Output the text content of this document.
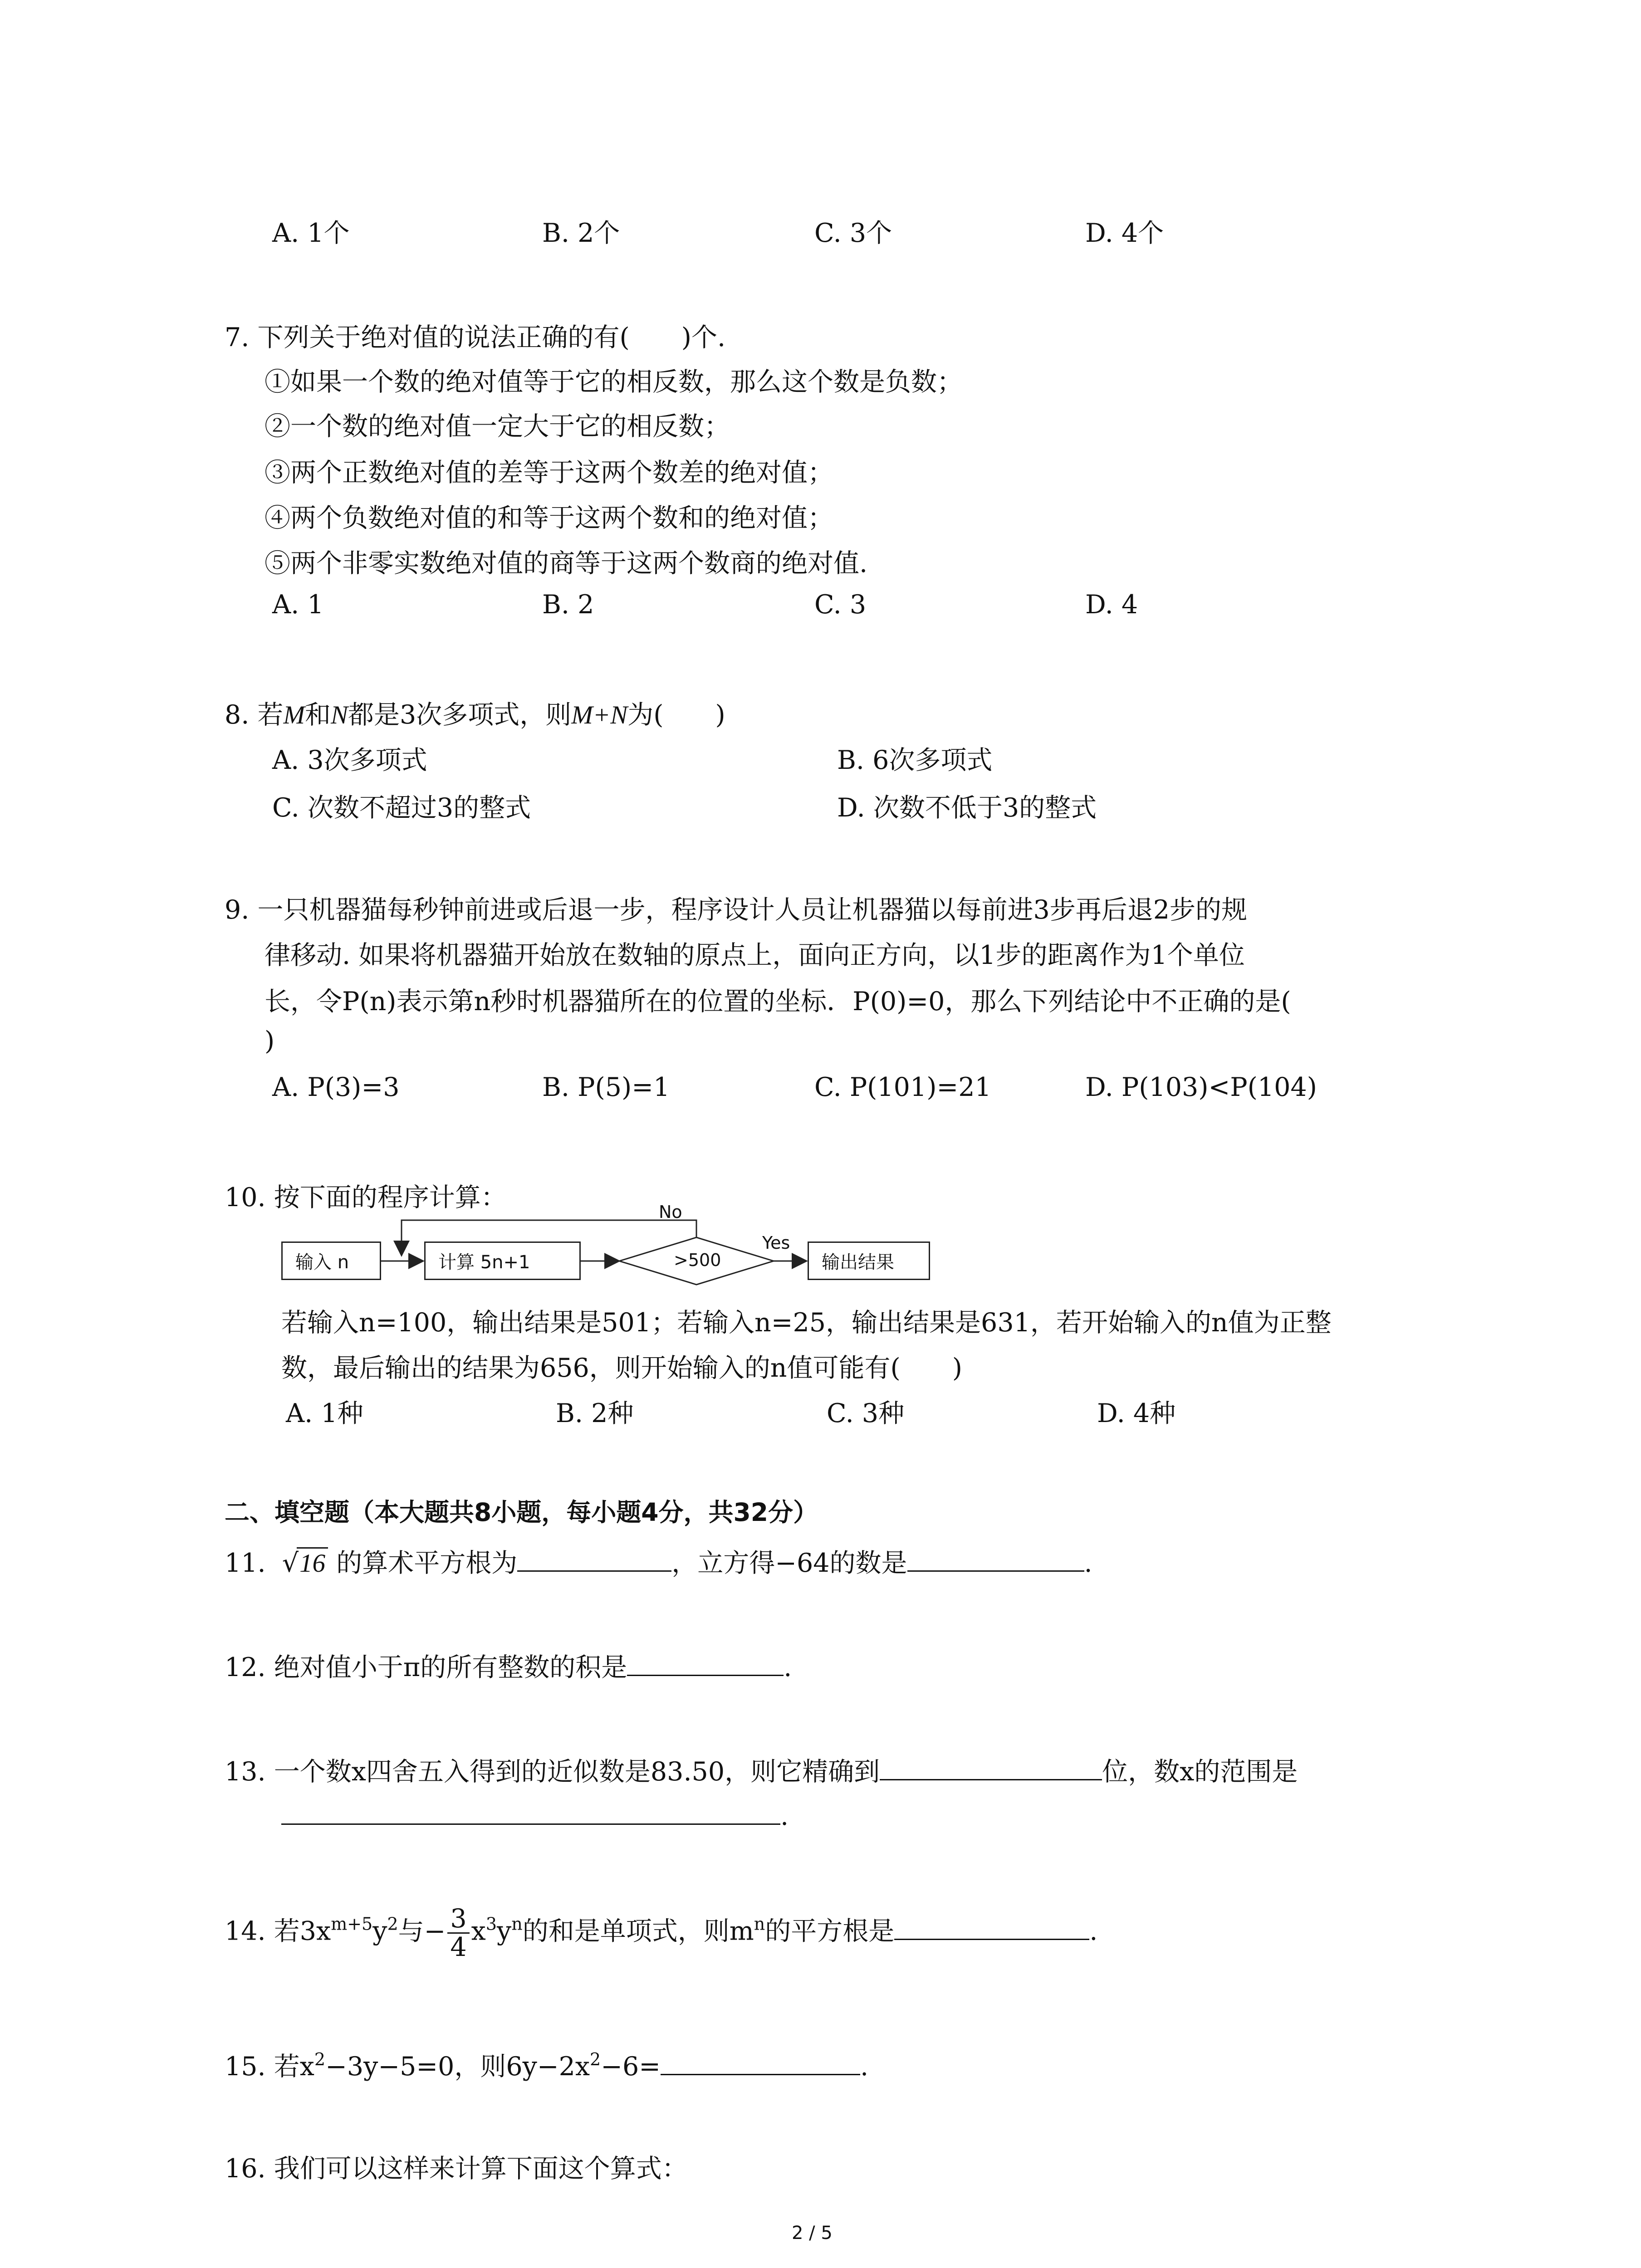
A. 1个	B. 2个	C. 3个	D. 4个
7. 下列关于绝对值的说法正确的有(　　)个.
①如果一个数的绝对值等于它的相反数，那么这个数是负数；
②一个数的绝对值一定大于它的相反数；
③两个正数绝对值的差等于这两个数差的绝对值；
④两个负数绝对值的和等于这两个数和的绝对值；
⑤两个非零实数绝对值的商等于这两个数商的绝对值.
A. 1	B. 2	C. 3	D. 4
8. 若M和N都是3次多项式，则M+N为(　　)
A. 3次多项式	B. 6次多项式
C. 次数不超过3的整式	D. 次数不低于3的整式
9. 一只机器猫每秒钟前进或后退一步，程序设计人员让机器猫以每前进3步再后退2步的规
律移动. 如果将机器猫开始放在数轴的原点上，面向正方向，以1步的距离作为1个单位
长，令P(n)表示第n秒时机器猫所在的位置的坐标．P(0)=0，那么下列结论中不正确的是(
)
A. P(3)=3	B. P(5)=1	C. P(101)=21	D. P(103)<P(104)
10. 按下面的程序计算：
输入 n	计算 5n+1	>500
No
Yes
输出结果
若输入n=100，输出结果是501；若输入n=25，输出结果是631，若开始输入的n值为正整
数，最后输出的结果为656，则开始输入的n值可能有(　　)
A. 1种	B. 2种	C. 3种	D. 4种
二、填空题（本大题共8小题，每小题4分，共32分）
11. √16 的算术平方根为	，立方得−64的数是	.
12. 绝对值小于π的所有整数的积是	.
13. 一个数x四舍五入得到的近似数是83.50，则它精确到	位，数x的范围是
.
14. 若$3x^{m+5}y^2$与− $\frac{3}{4} x^3y^n$的和是单项式，则$m^n$的平方根是	.
15. 若$x^2-3y-5=0$，则$6y-2x^2-6=$	.
16. 我们可以这样来计算下面这个算式：
2 / 5
